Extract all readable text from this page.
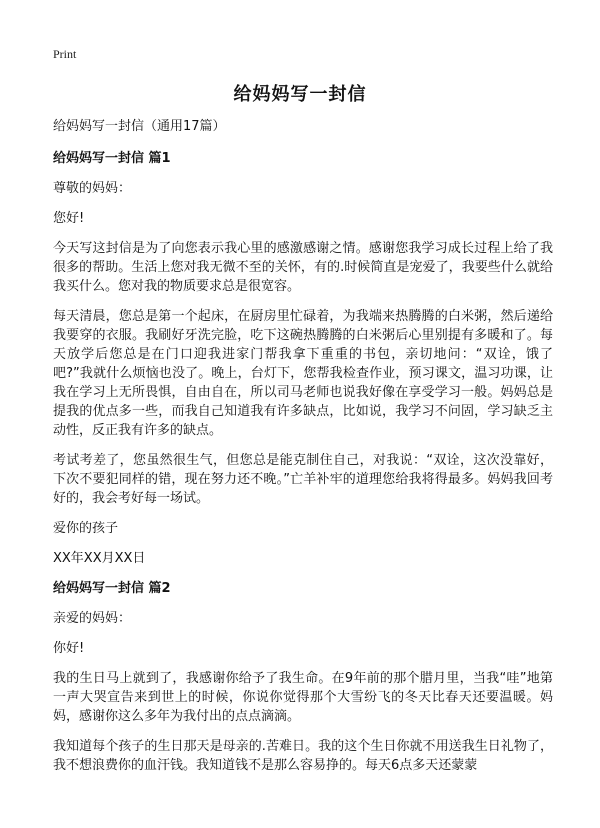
Print
给妈妈写一封信
给妈妈写一封信（通用17篇）
给妈妈写一封信 篇1
尊敬的妈妈：
您好!
今天写这封信是为了向您表示我心里的感激感谢之情。感谢您我学习成长过程上给了我很多的帮助。生活上您对我无微不至的关怀，有的.时候简直是宠爱了，我要些什么就给我买什么。您对我的物质要求总是很宽容。
每天清晨，您总是第一个起床，在厨房里忙碌着，为我端来热腾腾的白米粥，然后递给我要穿的衣服。我刷好牙洗完脸，吃下这碗热腾腾的白米粥后心里别提有多暖和了。每天放学后您总是在门口迎我进家门帮我拿下重重的书包，亲切地问：“双诠，饿了吧?”我就什么烦恼也没了。晚上，台灯下，您帮我检查作业，预习课文，温习功课，让我在学习上无所畏惧，自由自在，所以司马老师也说我好像在享受学习一般。妈妈总是提我的优点多一些，而我自己知道我有许多缺点，比如说，我学习不问固，学习缺乏主动性，反正我有许多的缺点。
考试考差了，您虽然很生气，但您总是能克制住自己，对我说：“双诠，这次没靠好，下次不要犯同样的错，现在努力还不晚。”亡羊补牢的道理您给我将得最多。妈妈我回考好的，我会考好每一场试。
爱你的孩子
XX年XX月XX日
给妈妈写一封信 篇2
亲爱的妈妈：
你好!
我的生日马上就到了，我感谢你给予了我生命。在9年前的那个腊月里，当我“哇”地第一声大哭宣告来到世上的时候，你说你觉得那个大雪纷飞的冬天比春天还要温暖。妈妈，感谢你这么多年为我付出的点点滴滴。
我知道每个孩子的生日那天是母亲的.苦难日。我的这个生日你就不用送我生日礼物了，我不想浪费你的血汗钱。我知道钱不是那么容易挣的。每天6点多天还蒙蒙
